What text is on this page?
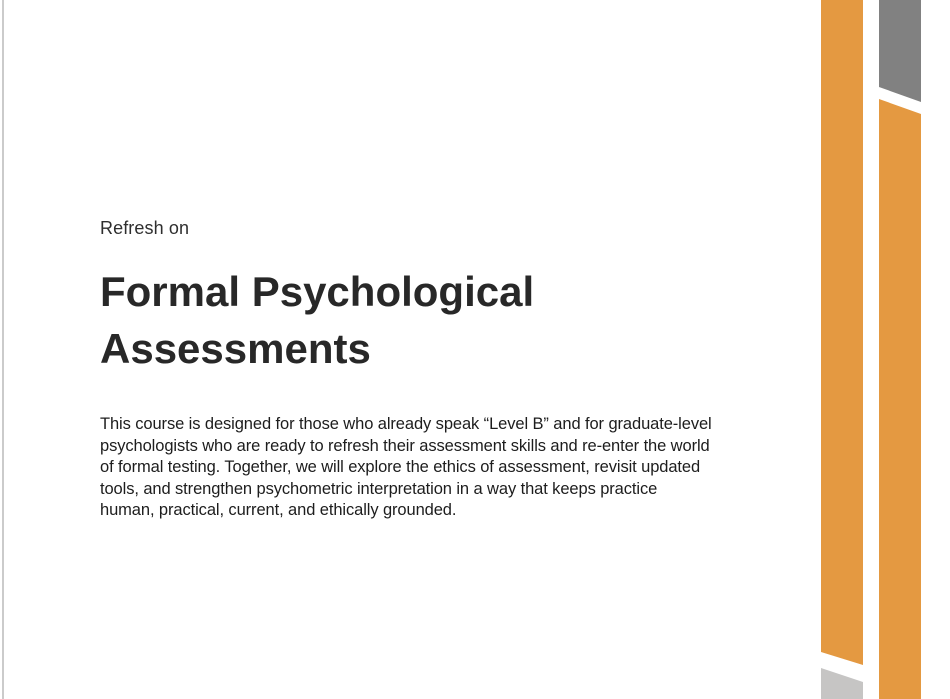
Refresh on
Formal Psychological Assessments

This course is designed for those who already speak “Level B” and for graduate-level psychologists who are ready to refresh their assessment skills and re-enter the world of formal testing. Together, we will explore the ethics of assessment, revisit updated tools, and strengthen psychometric interpretation in a way that keeps practice human, practical, current, and ethically grounded.
